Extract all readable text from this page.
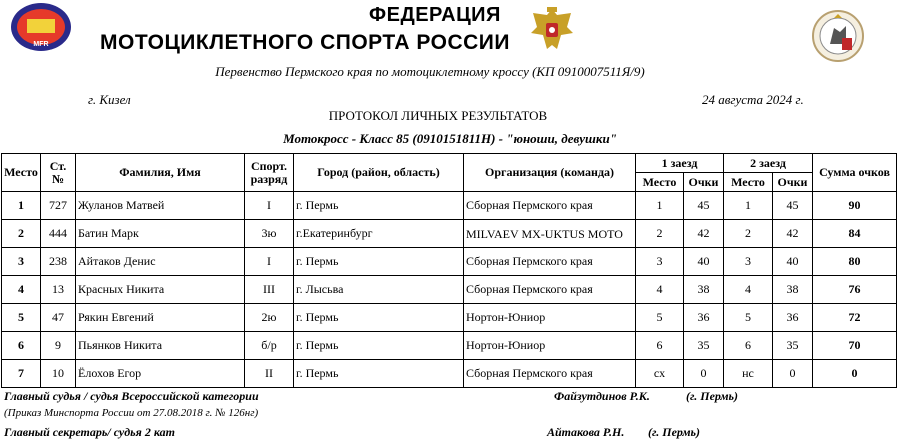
MFR
ФЕДЕРАЦИЯ
МОТОЦИКЛЕТНОГО СПОРТА РОССИИ
Первенство Пермского края по мотоциклетному кроссу (КП 0910007511Я/9)
г. Кизел	24 августа 2024 г.
ПРОТОКОЛ ЛИЧНЫХ РЕЗУЛЬТАТОВ
Мотокросс - Класс 85 (0910151811Н) - "юноши, девушки"
Место	Ст. №	Фамилия, Имя	Спорт. разряд	Город (район, область)	Организация (команда)	1 заезд		2 заезд		Сумма очков
						Место	Очки	Место	Очки	
1	727	Жуланов Матвей	I	г. Пермь	Сборная Пермского края	1	45	1	45	90
2	444	Батин Марк	3ю	г.Екатеринбург	MILVAEV MX-UKTUS MOTO	2	42	2	42	84
3	238	Айтаков Денис	I	г. Пермь	Сборная Пермского края	3	40	3	40	80
4	13	Красных Никита	III	г. Лысьва	Сборная Пермского края	4	38	4	38	76
5	47	Рякин Евгений	2ю	г. Пермь	Нортон-Юниор	5	36	5	36	72
6	9	Пьянков Никита	б/р	г. Пермь	Нортон-Юниор	6	35	6	35	70
7	10	Ёлохов Егор	II	г. Пермь	Сборная Пермского края	сх	0	нс	0	0
Главный судья / судья Всероссийской категории	Файзутдинов Р.К.	(г. Пермь)
(Приказ Минспорта России от 27.08.2018 г. № 126нг)
Главный секретарь/ судья 2 кат	Айтакова Р.Н. (г. Пермь)
